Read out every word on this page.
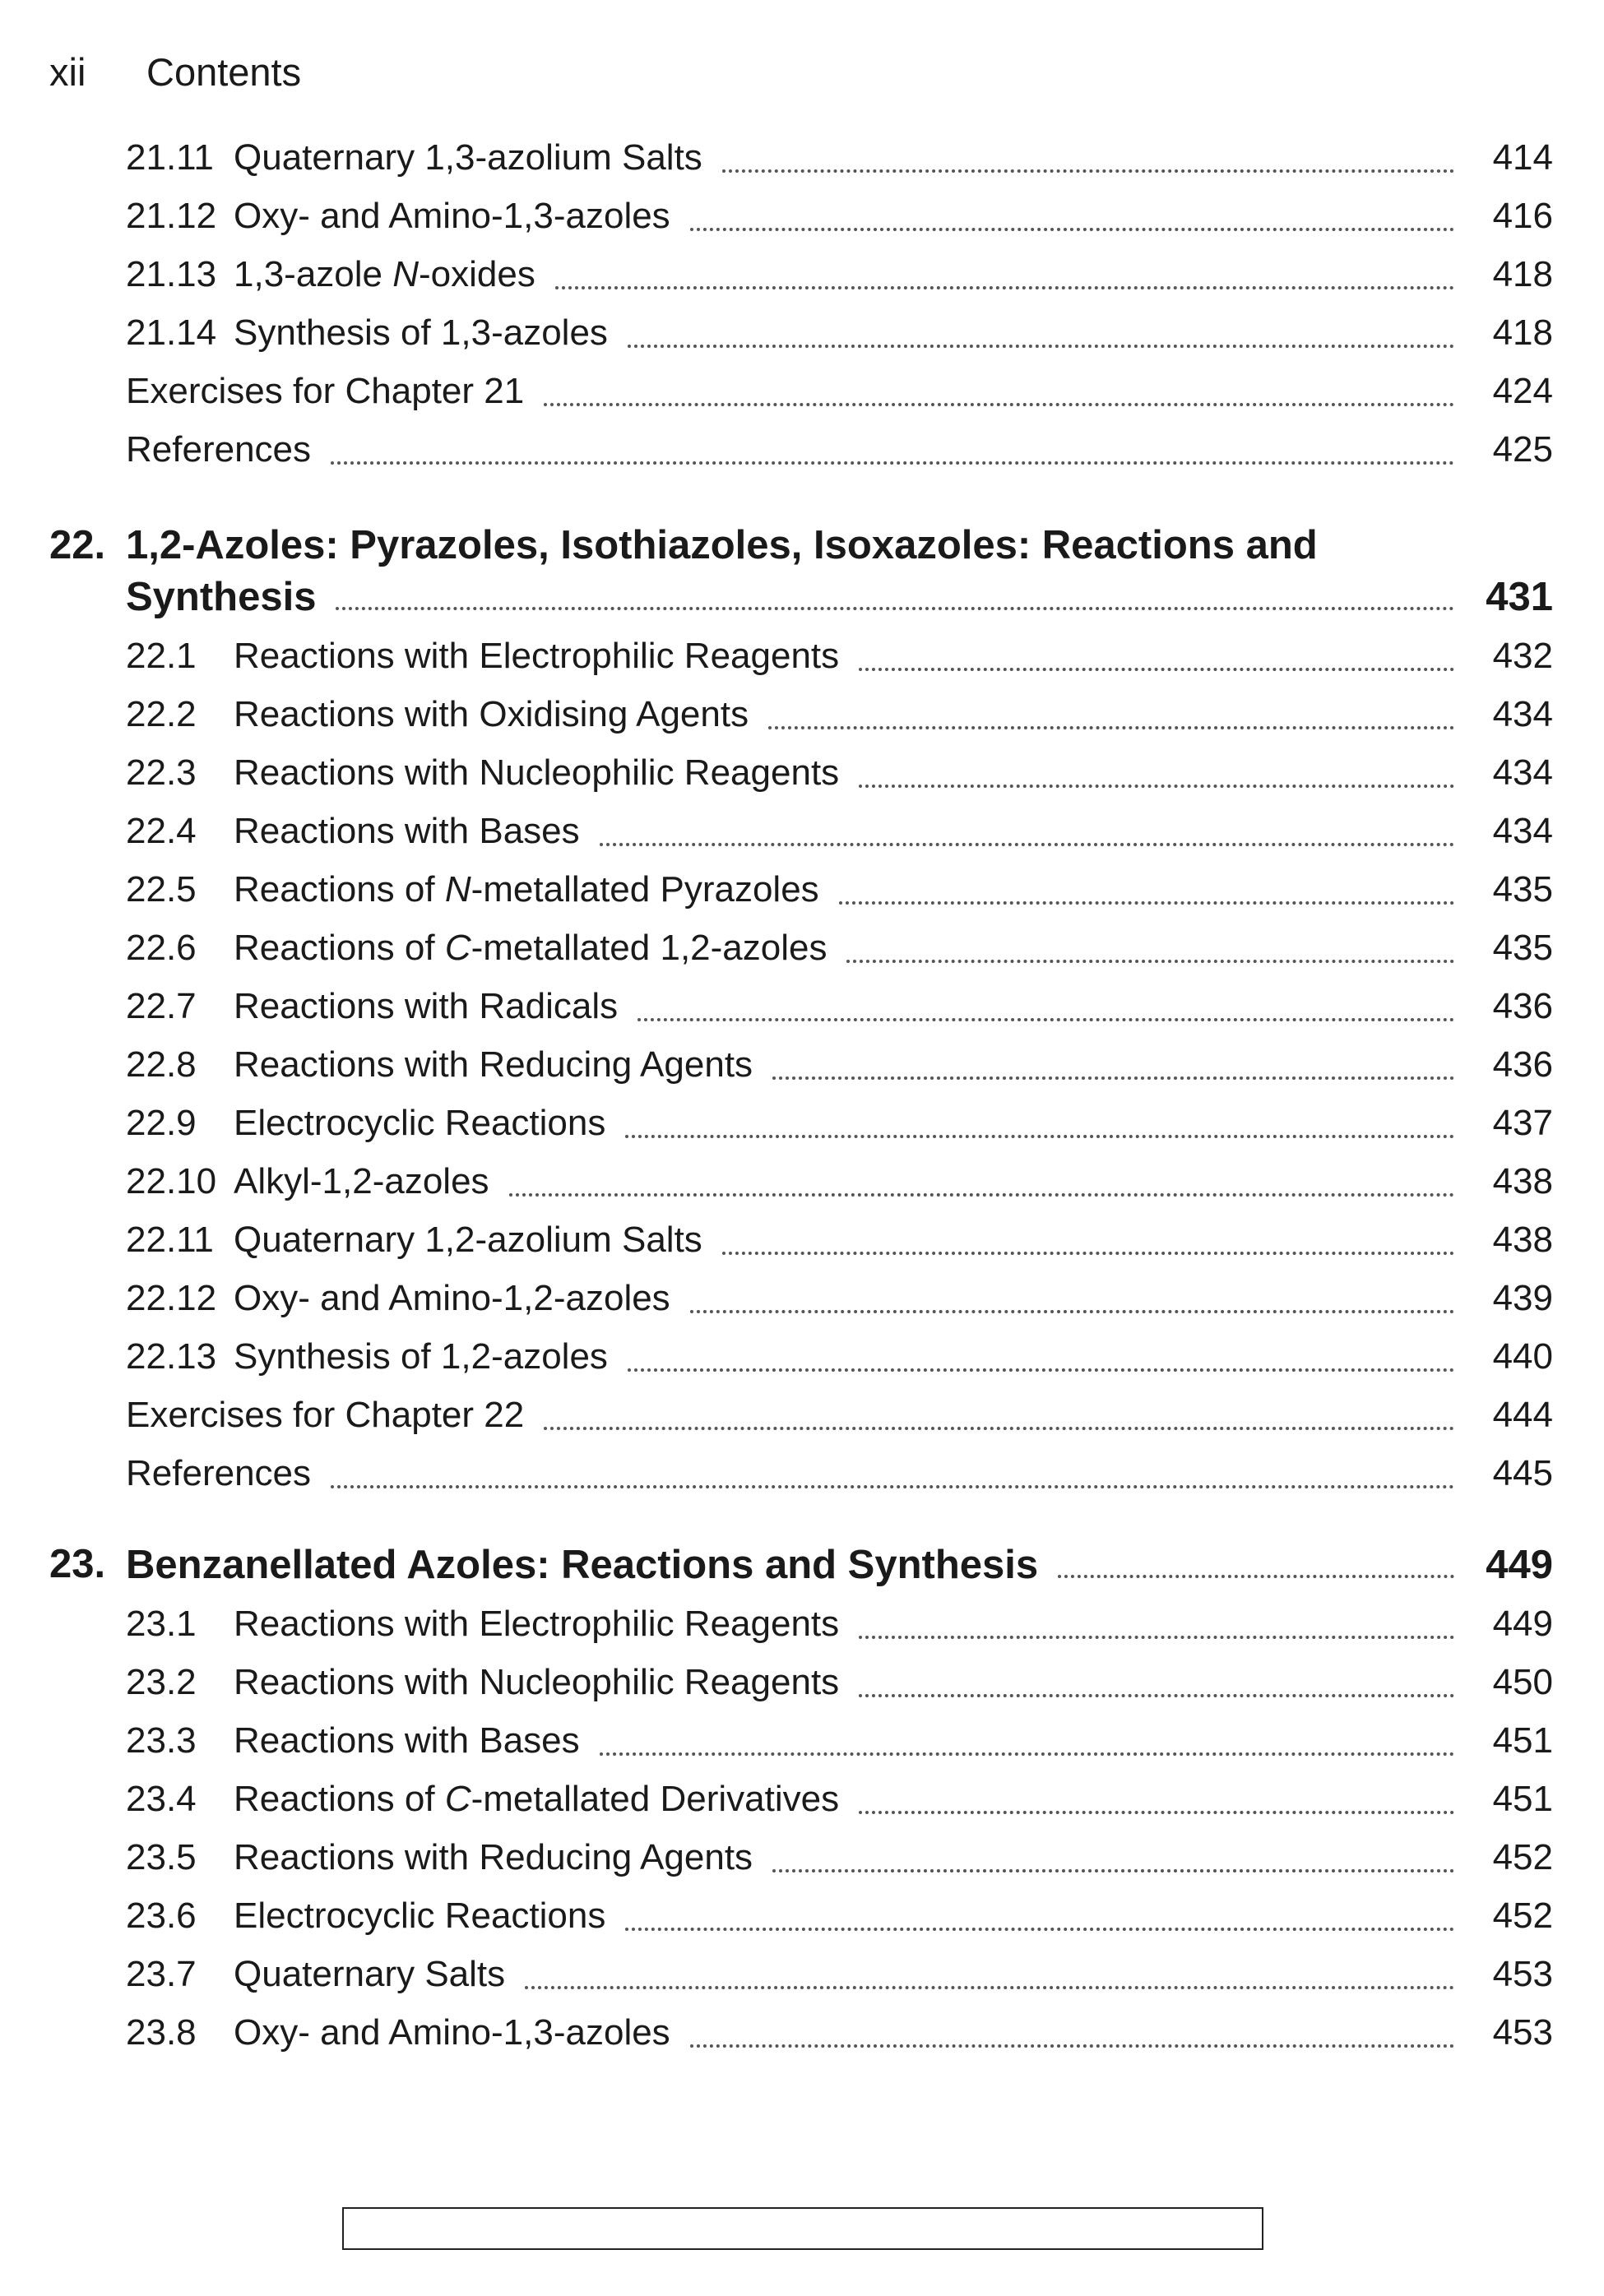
xii Contents
21.11 Quaternary 1,3-azolium Salts	414
21.12 Oxy- and Amino-1,3-azoles	416
21.13 1,3-azole N-oxides	418
21.14 Synthesis of 1,3-azoles	418
Exercises for Chapter 21	424
References	425
22. 1,2-Azoles: Pyrazoles, Isothiazoles, Isoxazoles: Reactions and
Synthesis	431
22.1	Reactions with Electrophilic Reagents	432
22.2	Reactions with Oxidising Agents	434
22.3	Reactions with Nucleophilic Reagents	434
22.4	Reactions with Bases	434
22.5	Reactions of N-metallated Pyrazoles	435
22.6	Reactions of C-metallated 1,2-azoles	435
22.7	Reactions with Radicals	436
22.8	Reactions with Reducing Agents	436
22.9	Electrocyclic Reactions	437
22.10 Alkyl-1,2-azoles	438
22.11 Quaternary 1,2-azolium Salts	438
22.12 Oxy- and Amino-1,2-azoles	439
22.13 Synthesis of 1,2-azoles	440
Exercises for Chapter 22	444
References	445
23. Benzanellated Azoles: Reactions and Synthesis	449
23.1	Reactions with Electrophilic Reagents	449
23.2	Reactions with Nucleophilic Reagents	450
23.3	Reactions with Bases	451
23.4	Reactions of C-metallated Derivatives	451
23.5	Reactions with Reducing Agents	452
23.6	Electrocyclic Reactions	452
23.7	Quaternary Salts	453
23.8	Oxy- and Amino-1,3-azoles	453
